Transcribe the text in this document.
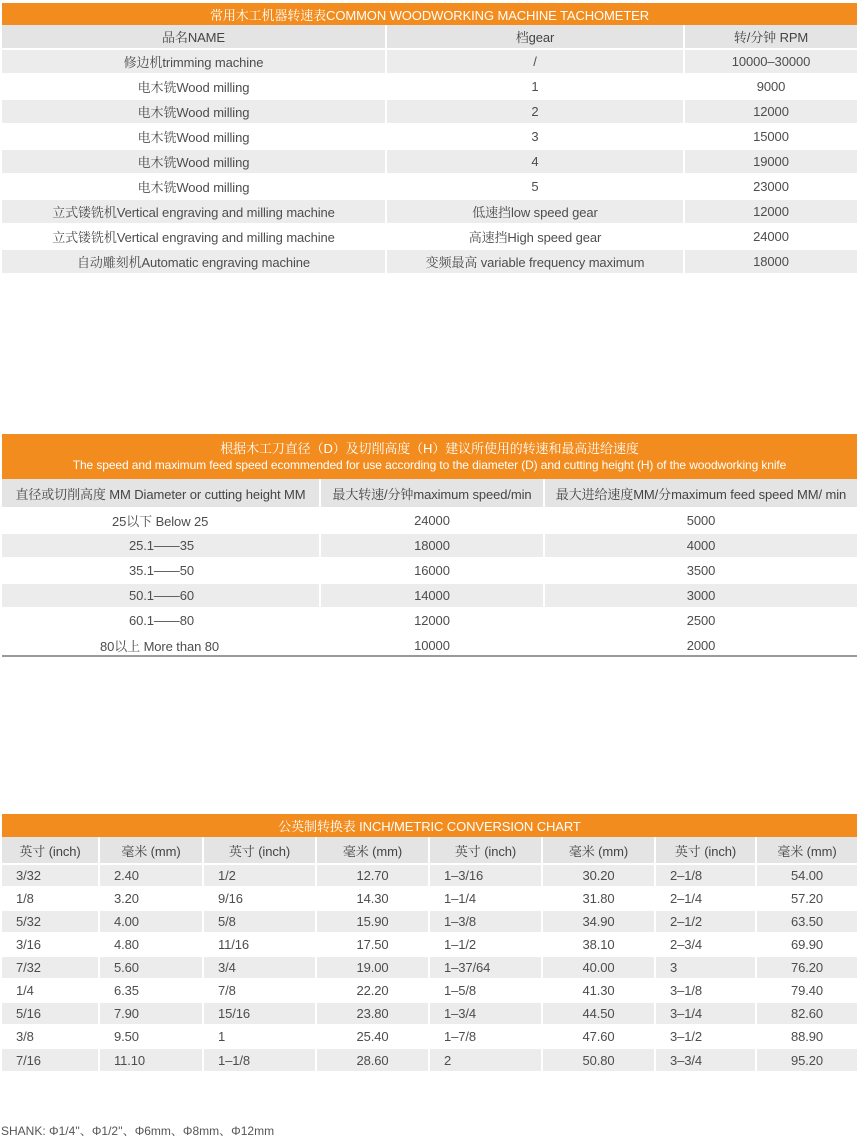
常用木工机器转速表COMMON WOODWORKING MACHINE TACHOMETER		
品名NAME	档gear	转/分钟 RPM
修边机trimming machine	/	10000–30000
电木铣Wood milling	1	9000
电木铣Wood milling	2	12000
电木铣Wood milling	3	15000
电木铣Wood milling	4	19000
电木铣Wood milling	5	23000
立式镂铣机Vertical engraving and milling machine	低速挡low speed gear	12000
立式镂铣机Vertical engraving and milling machine	高速挡High speed gear	24000
自动雕刻机Automatic engraving machine	变频最高 variable frequency maximum	18000
根据木工刀直径（D）及切削高度（H）建议所使用的转速和最高进给速度
The speed and maximum feed speed ecommended for use according to the diameter (D) and cutting height (H) of the woodworking knife		

直径或切削高度 MM Diameter or cutting height MM	最大转速/分钟maximum speed/min	最大进给速度MM/分maximum feed speed MM/ min
25以下 Below 25	24000	5000
25.1——35	18000	4000
35.1——50	16000	3500
50.1——60	14000	3000
60.1——80	12000	2500
80以上 More than 80	10000	2000
公英制转换表 INCH/METRIC CONVERSION CHART							
英寸 (inch)	毫米 (mm)	英寸 (inch)	毫米 (mm)	英寸 (inch)	毫米 (mm)	英寸 (inch)	毫米 (mm)
3/32	2.40	1/2	12.70	1–3/16	30.20	2–1/8	54.00
1/8	3.20	9/16	14.30	1–1/4	31.80	2–1/4	57.20
5/32	4.00	5/8	15.90	1–3/8	34.90	2–1/2	63.50
3/16	4.80	11/16	17.50	1–1/2	38.10	2–3/4	69.90
7/32	5.60	3/4	19.00	1–37/64	40.00	3	76.20
1/4	6.35	7/8	22.20	1–5/8	41.30	3–1/8	79.40
5/16	7.90	15/16	23.80	1–3/4	44.50	3–1/4	82.60
3/8	9.50	1	25.40	1–7/8	47.60	3–1/2	88.90
7/16	11.10	1–1/8	28.60	2	50.80	3–3/4	95.20
SHANK: Φ1/4''、Φ1/2''、Φ6mm、Φ8mm、Φ12mm
